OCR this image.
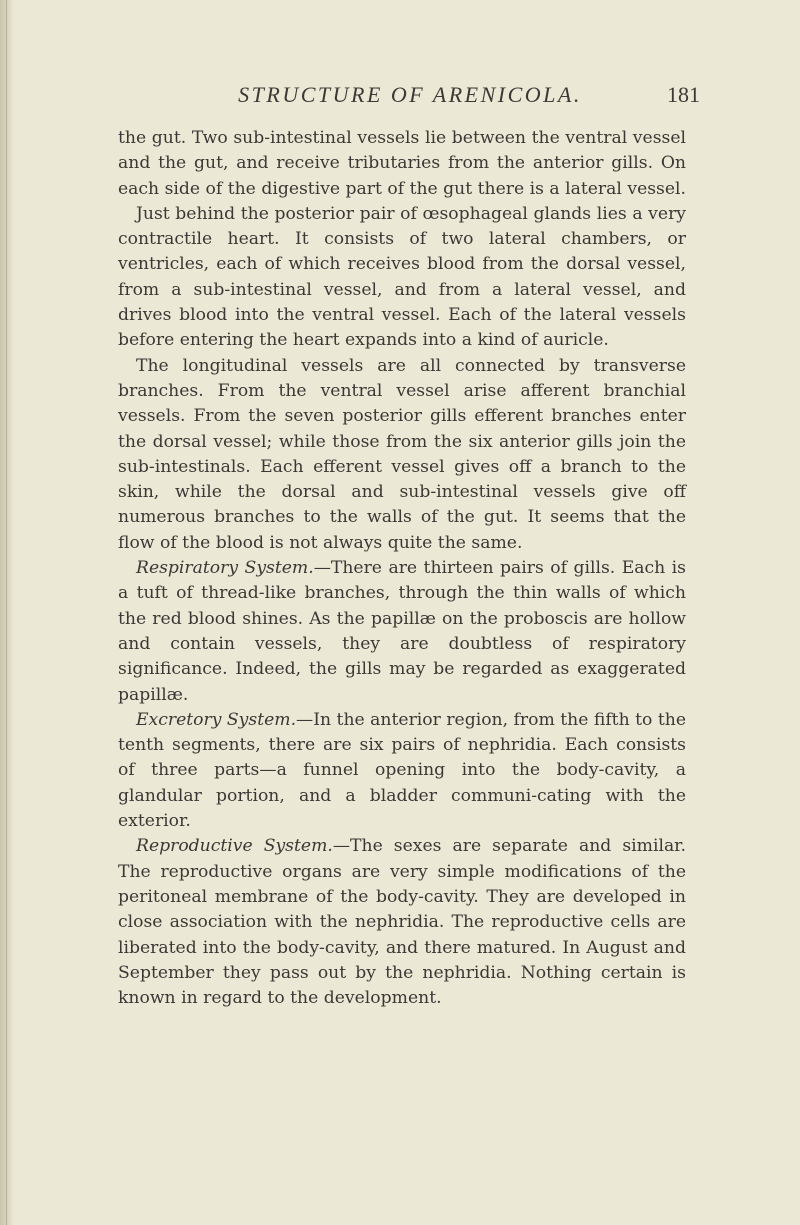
STRUCTURE OF ARENICOLA.	181

the gut. Two sub-intestinal vessels lie between the ventral vessel and the gut, and receive tributaries from the anterior gills. On each side of the digestive part of the gut there is a lateral vessel.

Just behind the posterior pair of œsophageal glands lies a very contractile heart. It consists of two lateral chambers, or ventricles, each of which receives blood from the dorsal vessel, from a sub-intestinal vessel, and from a lateral vessel, and drives blood into the ventral vessel. Each of the lateral vessels before entering the heart expands into a kind of auricle.

The longitudinal vessels are all connected by transverse branches. From the ventral vessel arise afferent branchial vessels. From the seven posterior gills efferent branches enter the dorsal vessel; while those from the six anterior gills join the sub-intestinals. Each efferent vessel gives off a branch to the skin, while the dorsal and sub-intestinal vessels give off numerous branches to the walls of the gut. It seems that the flow of the blood is not always quite the same.

Respiratory System.—There are thirteen pairs of gills. Each is a tuft of thread-like branches, through the thin walls of which the red blood shines. As the papillæ on the proboscis are hollow and contain vessels, they are doubtless of respiratory significance. Indeed, the gills may be regarded as exaggerated papillæ.

Excretory System.—In the anterior region, from the fifth to the tenth segments, there are six pairs of nephridia. Each consists of three parts—a funnel opening into the body-cavity, a glandular portion, and a bladder communi-cating with the exterior.

Reproductive System.—The sexes are separate and similar. The reproductive organs are very simple modifications of the peritoneal membrane of the body-cavity. They are developed in close association with the nephridia. The reproductive cells are liberated into the body-cavity, and there matured. In August and September they pass out by the nephridia. Nothing certain is known in regard to the development.
